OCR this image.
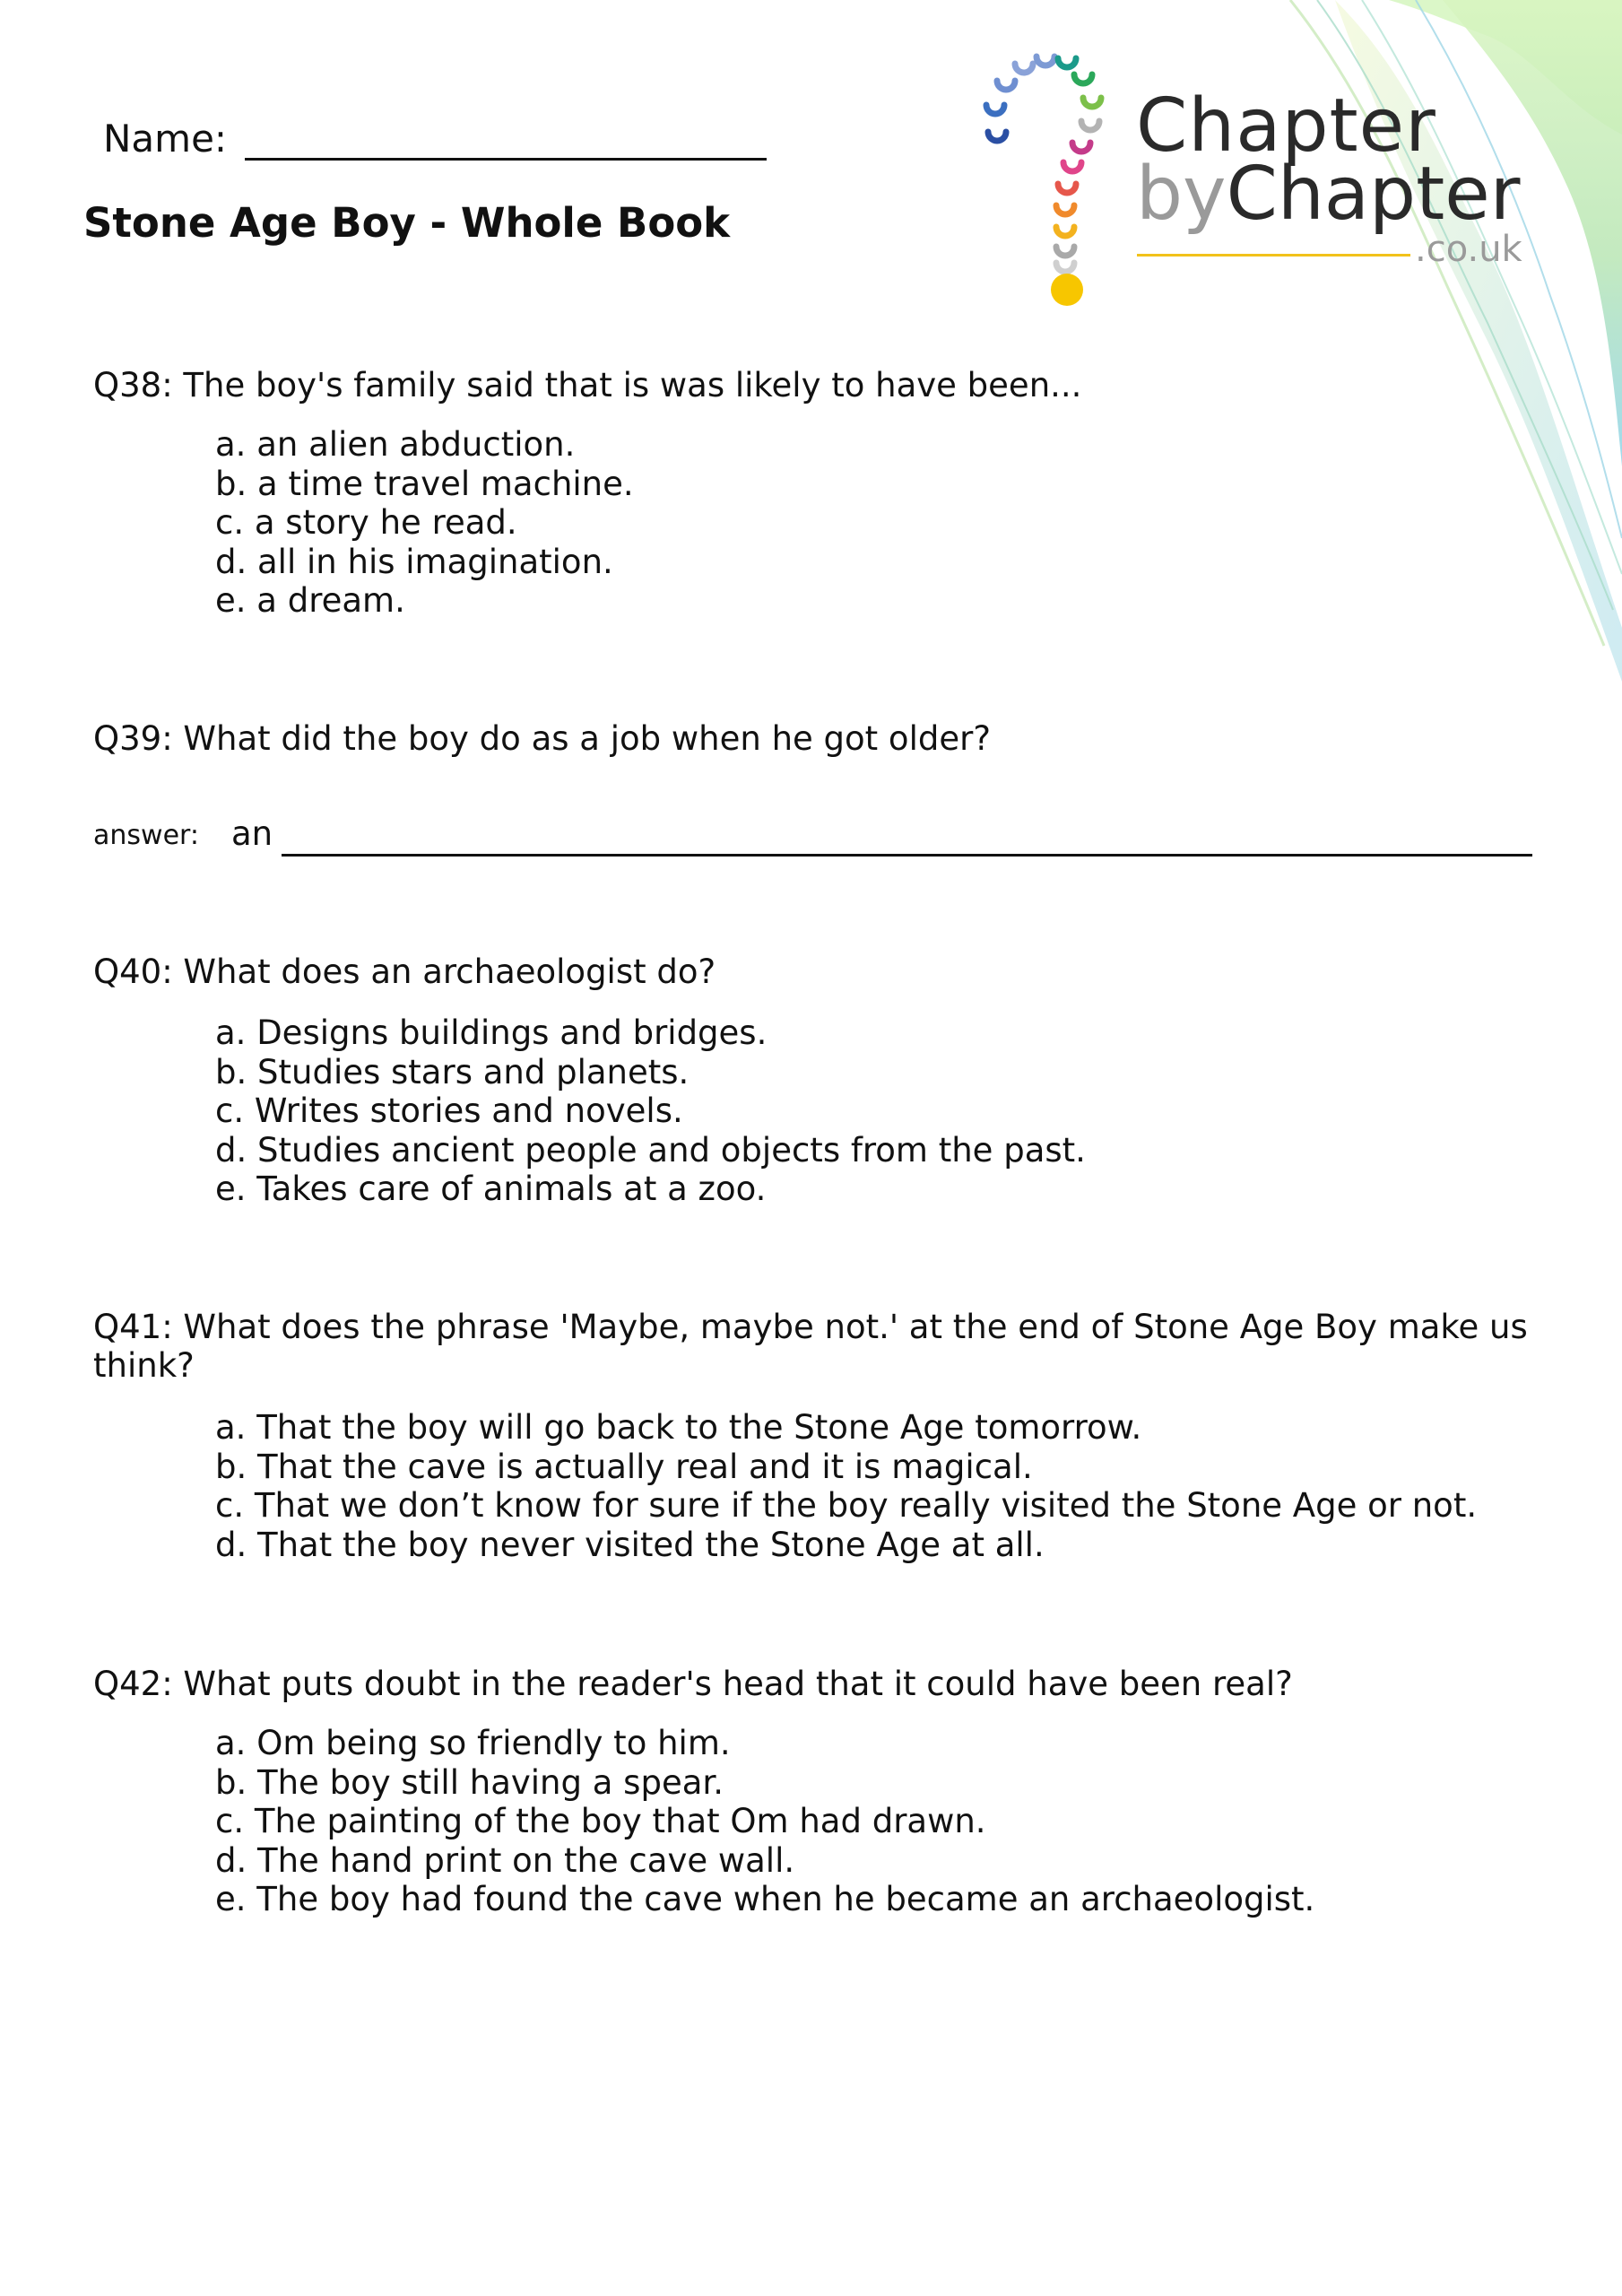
Name:
Stone Age Boy - Whole Book
Chapter
byChapter
.co.uk
Q38: The boy's family said that is was likely to have been...
a. an alien abduction.
b. a time travel machine.
c. a story he read.
d. all in his imagination.
e. a dream.
Q39: What did the boy do as a job when he got older?
answer: an
Q40: What does an archaeologist do?
a. Designs buildings and bridges.
b. Studies stars and planets.
c. Writes stories and novels.
d. Studies ancient people and objects from the past.
e. Takes care of animals at a zoo.
Q41: What does the phrase 'Maybe, maybe not.' at the end of Stone Age Boy make us think?
a. That the boy will go back to the Stone Age tomorrow.
b. That the cave is actually real and it is magical.
c. That we don’t know for sure if the boy really visited the Stone Age or not.
d. That the boy never visited the Stone Age at all.
Q42: What puts doubt in the reader's head that it could have been real?
a. Om being so friendly to him.
b. The boy still having a spear.
c. The painting of the boy that Om had drawn.
d. The hand print on the cave wall.
e. The boy had found the cave when he became an archaeologist.
